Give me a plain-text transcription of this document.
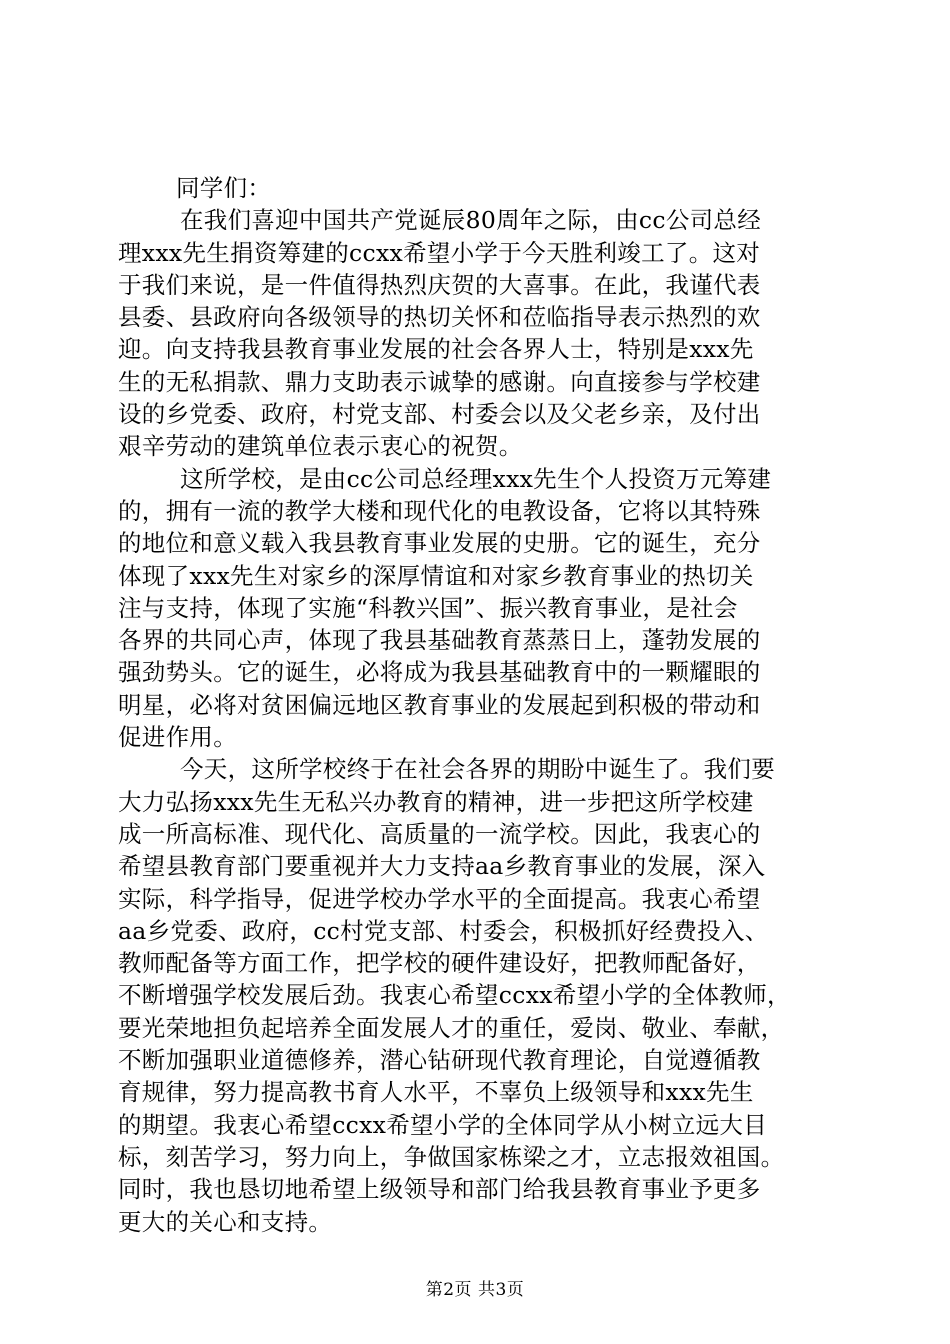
同学们：
在我们喜迎中国共产党诞辰80周年之际，由cc公司总经
理xxx先生捐资筹建的ccxx希望小学于今天胜利竣工了。这对
于我们来说，是一件值得热烈庆贺的大喜事。在此，我谨代表
县委、县政府向各级领导的热切关怀和莅临指导表示热烈的欢
迎。向支持我县教育事业发展的社会各界人士，特别是xxx先
生的无私捐款、鼎力支助表示诚挚的感谢。向直接参与学校建
设的乡党委、政府，村党支部、村委会以及父老乡亲，及付出
艰辛劳动的建筑单位表示衷心的祝贺。
这所学校，是由cc公司总经理xxx先生个人投资万元筹建
的，拥有一流的教学大楼和现代化的电教设备，它将以其特殊
的地位和意义载入我县教育事业发展的史册。它的诞生，充分
体现了xxx先生对家乡的深厚情谊和对家乡教育事业的热切关
注与支持，体现了实施“科教兴国”、振兴教育事业，是社会
各界的共同心声，体现了我县基础教育蒸蒸日上，蓬勃发展的
强劲势头。它的诞生，必将成为我县基础教育中的一颗耀眼的
明星，必将对贫困偏远地区教育事业的发展起到积极的带动和
促进作用。
今天，这所学校终于在社会各界的期盼中诞生了。我们要
大力弘扬xxx先生无私兴办教育的精神，进一步把这所学校建
成一所高标准、现代化、高质量的一流学校。因此，我衷心的
希望县教育部门要重视并大力支持aa乡教育事业的发展，深入
实际，科学指导，促进学校办学水平的全面提高。我衷心希望
aa乡党委、政府，cc村党支部、村委会，积极抓好经费投入、
教师配备等方面工作，把学校的硬件建设好，把教师配备好，
不断增强学校发展后劲。我衷心希望ccxx希望小学的全体教师，
要光荣地担负起培养全面发展人才的重任，爱岗、敬业、奉献，
不断加强职业道德修养，潜心钻研现代教育理论，自觉遵循教
育规律，努力提高教书育人水平，不辜负上级领导和xxx先生
的期望。我衷心希望ccxx希望小学的全体同学从小树立远大目
标，刻苦学习，努力向上，争做国家栋梁之才，立志报效祖国。
同时，我也恳切地希望上级领导和部门给我县教育事业予更多
更大的关心和支持。
第2页 共3页
